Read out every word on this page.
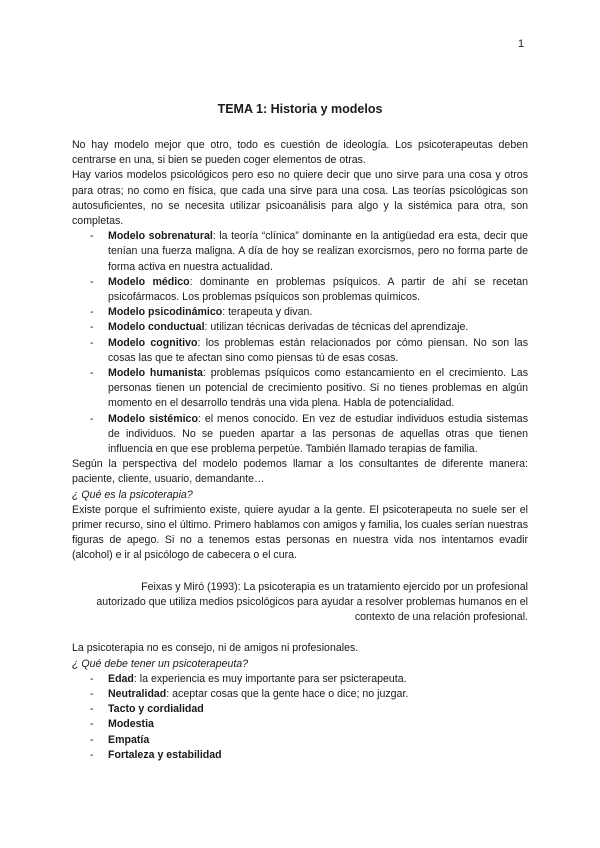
1
TEMA 1: Historia y modelos

No hay modelo mejor que otro, todo es cuestión de ideología. Los psicoterapeutas deben centrarse en una, si bien se pueden coger elementos de otras.

Hay varios modelos psicológicos pero eso no quiere decir que uno sirve para una cosa y otros para otras; no como en física, que cada una sirve para una cosa. Las teorías psicológicas son autosuficientes, no se necesita utilizar psicoanálisis para algo y la sistémica para otra, son completas.

- Modelo sobrenatural: la teoría “clínica” dominante en la antigüedad era esta, decir que tenían una fuerza maligna. A día de hoy se realizan exorcismos, pero no forma parte de forma activa en nuestra actualidad.
- Modelo médico: dominante en problemas psíquicos. A partir de ahí se recetan psicofármacos. Los problemas psíquicos son problemas químicos.
- Modelo psicodinámico: terapeuta y divan.
- Modelo conductual: utilizan técnicas derivadas de técnicas del aprendizaje.
- Modelo cognitivo: los problemas están relacionados por cómo piensan. No son las cosas las que te afectan sino como piensas tú de esas cosas.
- Modelo humanista: problemas psíquicos como estancamiento en el crecimiento. Las personas tienen un potencial de crecimiento positivo. Si no tienes problemas en algún momento en el desarrollo tendrás una vida plena. Habla de potencialidad.
- Modelo sistémico: el menos conocido. En vez de estudiar individuos estudia sistemas de individuos. No se pueden apartar a las personas de aquellas otras que tienen influencia en que ese problema perpetúe. También llamado terapias de familia.

Según la perspectiva del modelo podemos llamar a los consultantes de diferente manera: paciente, cliente, usuario, demandante…

¿ Qué es la psicoterapia?

Existe porque el sufrimiento existe, quiere ayudar a la gente. El psicoterapeuta no suele ser el primer recurso, sino el último. Primero hablamos con amigos y familia, los cuales serían nuestras figuras de apego. Si no a tenemos estas personas en nuestra vida nos intentamos evadir (alcohol) e ir al psicólogo de cabecera o el cura.

Feixas y Miró (1993): La psicoterapia es un tratamiento ejercido por un profesional autorizado que utiliza medios psicológicos para ayudar a resolver problemas humanos en el contexto de una relación profesional.

La psicoterapia no es consejo, ni de amigos ni profesionales.

¿ Qué debe tener un psicoterapeuta?

- Edad: la experiencia es muy importante para ser psicterapeuta.
- Neutralidad: aceptar cosas que la gente hace o dice; no juzgar.
- Tacto y cordialidad
- Modestia
- Empatía
- Fortaleza y estabilidad
